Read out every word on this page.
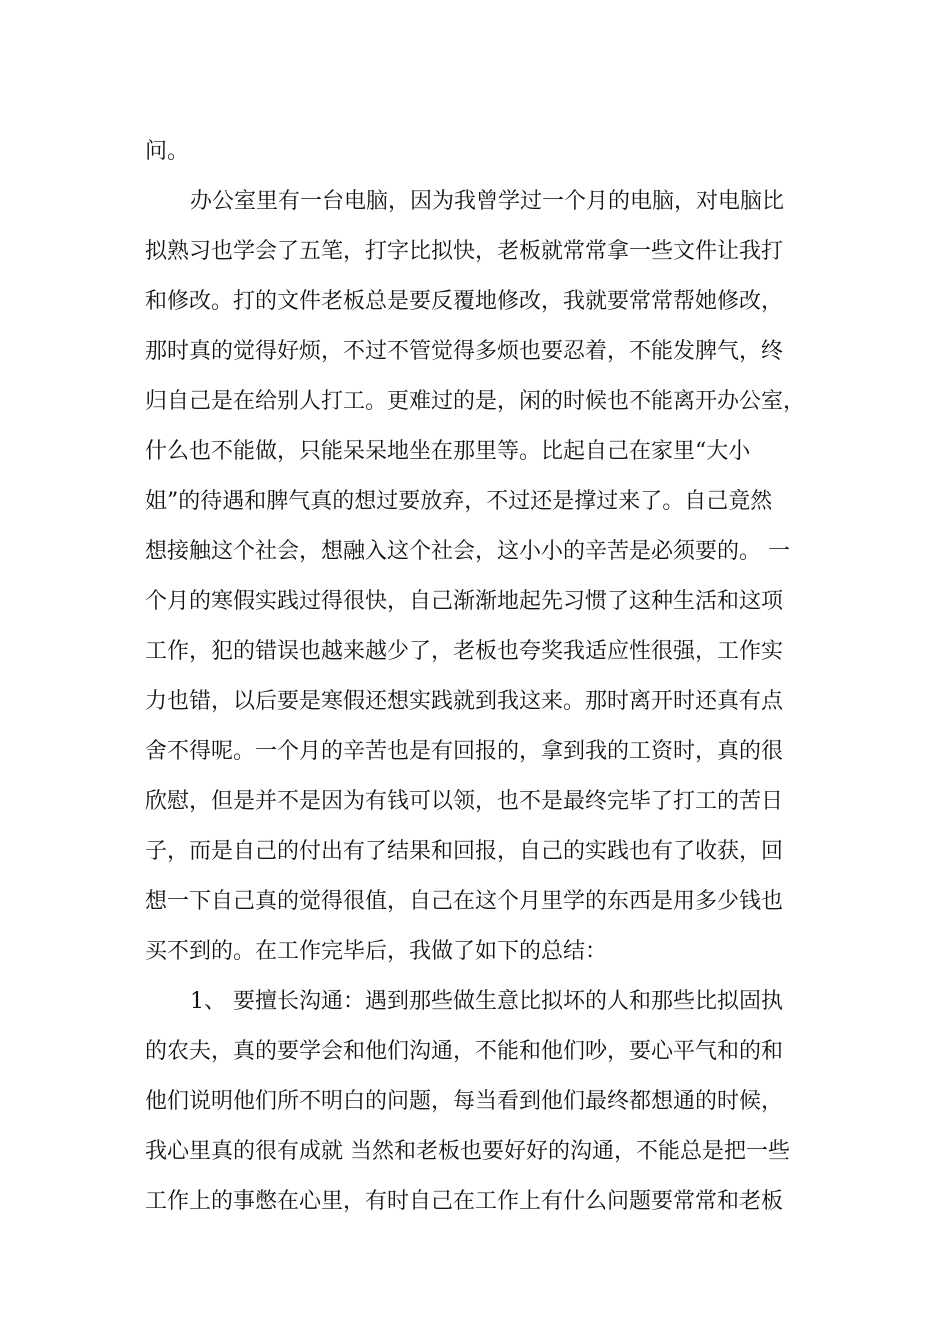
问。
办公室里有一台电脑，因为我曾学过一个月的电脑，对电脑比
拟熟习也学会了五笔，打字比拟快，老板就常常拿一些文件让我打
和修改。打的文件老板总是要反覆地修改，我就要常常帮她修改，
那时真的觉得好烦，不过不管觉得多烦也要忍着，不能发脾气，终
归自己是在给别人打工。更难过的是，闲的时候也不能离开办公室，
什么也不能做，只能呆呆地坐在那里等。比起自己在家里“大小
姐”的待遇和脾气真的想过要放弃，不过还是撑过来了。自己竟然
想接触这个社会，想融入这个社会，这小小的辛苦是必须要的。 一
个月的寒假实践过得很快，自己渐渐地起先习惯了这种生活和这项
工作，犯的错误也越来越少了，老板也夸奖我适应性很强，工作实
力也错，以后要是寒假还想实践就到我这来。那时离开时还真有点
舍不得呢。一个月的辛苦也是有回报的，拿到我的工资时，真的很
欣慰，但是并不是因为有钱可以领，也不是最终完毕了打工的苦日
子，而是自己的付出有了结果和回报，自己的实践也有了收获，回
想一下自己真的觉得很值，自己在这个月里学的东西是用多少钱也
买不到的。在工作完毕后，我做了如下的总结：
1、 要擅长沟通：遇到那些做生意比拟坏的人和那些比拟固执
的农夫，真的要学会和他们沟通，不能和他们吵，要心平气和的和
他们说明他们所不明白的问题，每当看到他们最终都想通的时候，
我心里真的很有成就 当然和老板也要好好的沟通，不能总是把一些
工作上的事憋在心里，有时自己在工作上有什么问题要常常和老板
